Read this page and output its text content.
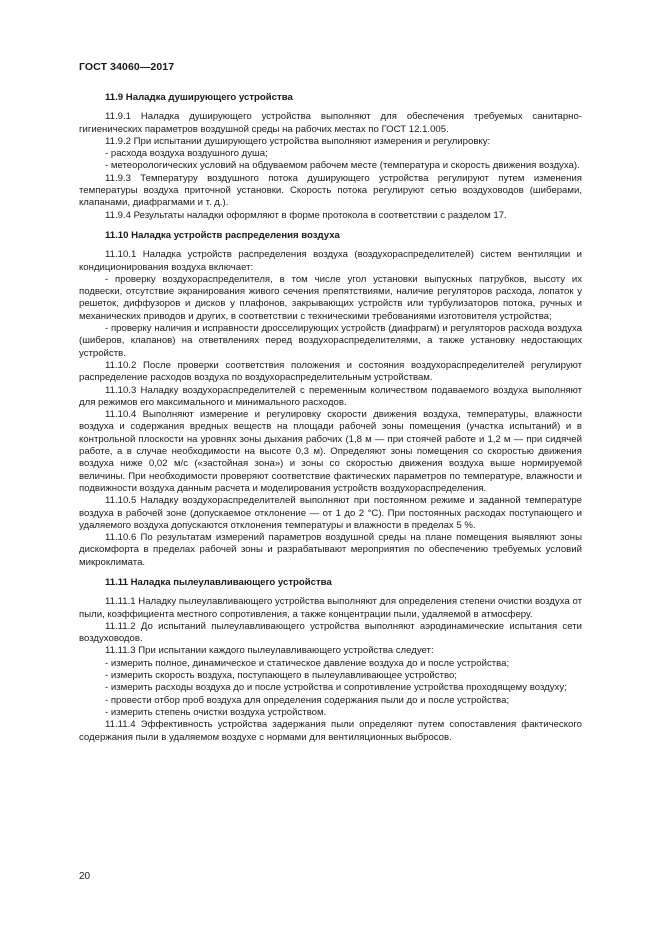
ГОСТ 34060—2017

11.9 Наладка душирующего устройства

11.9.1 Наладка душирующего устройства выполняют для обеспечения требуемых санитарно-гигиенических параметров воздушной среды на рабочих местах по ГОСТ 12.1.005.

11.9.2 При испытании душирующего устройства выполняют измерения и регулировку:

- расхода воздуха воздушного душа;

- метеорологических условий на обдуваемом рабочем месте (температура и скорость движения воздуха).

11.9.3 Температуру воздушного потока душирующего устройства регулируют путем изменения температуры воздуха приточной установки. Скорость потока регулируют сетью воздуховодов (шиберами, клапанами, диафрагмами и т. д.).

11.9.4 Результаты наладки оформляют в форме протокола в соответствии с разделом 17.

11.10 Наладка устройств распределения воздуха

11.10.1 Наладка устройств распределения воздуха (воздухораспределителей) систем вентиляции и кондиционирования воздуха включает:

- проверку воздухораспределителя, в том числе угол установки выпускных патрубков, высоту их подвески, отсутствие экранирования живого сечения препятствиями, наличие регуляторов расхода, лопаток у решеток, диффузоров и дисков у плафонов, закрывающих устройств или турбулизаторов потока, ручных и механических приводов и других, в соответствии с техническими требованиями изготовителя устройства;

- проверку наличия и исправности дросселирующих устройств (диафрагм) и регуляторов расхода воздуха (шиберов, клапанов) на ответвлениях перед воздухораспределителями, а также установку недостающих устройств.

11.10.2 После проверки соответствия положения и состояния воздухораспределителей регулируют распределение расходов воздуха по воздухораспределительным устройствам.

11.10.3 Наладку воздухораспределителей с переменным количеством подаваемого воздуха выполняют для режимов его максимального и минимального расходов.

11.10.4 Выполняют измерение и регулировку скорости движения воздуха, температуры, влажности воздуха и содержания вредных веществ на площади рабочей зоны помещения (участка испытаний) и в контрольной плоскости на уровнях зоны дыхания рабочих (1,8 м — при стоячей работе и 1,2 м — при сидячей работе, а в случае необходимости на высоте 0,3 м). Определяют зоны помещения со скоростью движения воздуха ниже 0,02 м/с («застойная зона») и зоны со скоростью движения воздуха выше нормируемой величины. При необходимости проверяют соответствие фактических параметров по температуре, влажности и подвижности воздуха данным расчета и моделирования устройств воздухораспределения.

11.10.5 Наладку воздухораспределителей выполняют при постоянном режиме и заданной температуре воздуха в рабочей зоне (допускаемое отклонение — от 1 до 2 °С). При постоянных расходах поступающего и удаляемого воздуха допускаются отклонения температуры и влажности в пределах 5 %.

11.10.6 По результатам измерений параметров воздушной среды на плане помещения выявляют зоны дискомфорта в пределах рабочей зоны и разрабатывают мероприятия по обеспечению требуемых условий микроклимата.

11.11 Наладка пылеулавливающего устройства

11.11.1 Наладку пылеулавливающего устройства выполняют для определения степени очистки воздуха от пыли, коэффициента местного сопротивления, а также концентрации пыли, удаляемой в атмосферу.

11.11.2 До испытаний пылеулавливающего устройства выполняют аэродинамические испытания сети воздуховодов.

11.11.3 При испытании каждого пылеулавливающего устройства следует:

- измерить полное, динамическое и статическое давление воздуха до и после устройства;

- измерить скорость воздуха, поступающего в пылеулавливающее устройство;

- измерить расходы воздуха до и после устройства и сопротивление устройства проходящему воздуху;

- провести отбор проб воздуха для определения содержания пыли до и после устройства;

- измерить степень очистки воздуха устройством.

11.11.4 Эффективность устройства задержания пыли определяют путем сопоставления фактического содержания пыли в удаляемом воздухе с нормами для вентиляционных выбросов.

20
